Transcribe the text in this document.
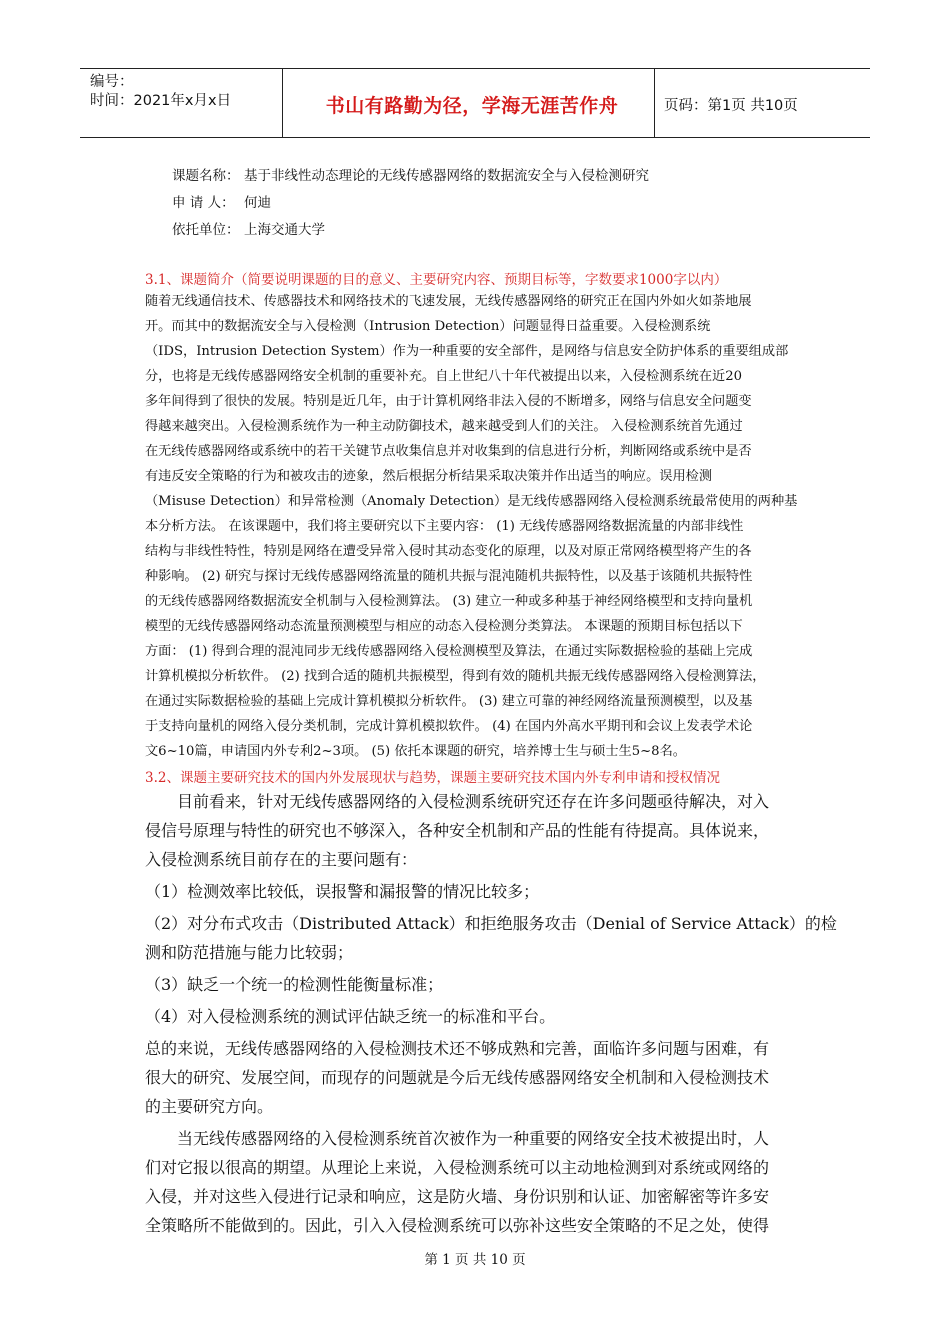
编号：
时间：2021年x月x日	书山有路勤为径，学海无涯苦作舟	页码：第1页 共10页
课题名称： 基于非线性动态理论的无线传感器网络的数据流安全与入侵检测研究
申 请 人： 何迪
依托单位： 上海交通大学
3.1、课题简介（简要说明课题的目的意义、主要研究内容、预期目标等，字数要求1000字以内）
随着无线通信技术、传感器技术和网络技术的飞速发展，无线传感器网络的研究正在国内外如火如荼地展
开。而其中的数据流安全与入侵检测（Intrusion Detection）问题显得日益重要。入侵检测系统
（IDS，Intrusion Detection System）作为一种重要的安全部件，是网络与信息安全防护体系的重要组成部
分，也将是无线传感器网络安全机制的重要补充。自上世纪八十年代被提出以来，入侵检测系统在近20
多年间得到了很快的发展。特别是近几年，由于计算机网络非法入侵的不断增多，网络与信息安全问题变
得越来越突出。入侵检测系统作为一种主动防御技术，越来越受到人们的关注。 入侵检测系统首先通过
在无线传感器网络或系统中的若干关键节点收集信息并对收集到的信息进行分析，判断网络或系统中是否
有违反安全策略的行为和被攻击的迹象，然后根据分析结果采取决策并作出适当的响应。误用检测
（Misuse Detection）和异常检测（Anomaly Detection）是无线传感器网络入侵检测系统最常使用的两种基
本分析方法。 在该课题中，我们将主要研究以下主要内容： (1) 无线传感器网络数据流量的内部非线性
结构与非线性特性，特别是网络在遭受异常入侵时其动态变化的原理，以及对原正常网络模型将产生的各
种影响。 (2) 研究与探讨无线传感器网络流量的随机共振与混沌随机共振特性，以及基于该随机共振特性
的无线传感器网络数据流安全机制与入侵检测算法。 (3) 建立一种或多种基于神经网络模型和支持向量机
模型的无线传感器网络动态流量预测模型与相应的动态入侵检测分类算法。 本课题的预期目标包括以下
方面： (1) 得到合理的混沌同步无线传感器网络入侵检测模型及算法，在通过实际数据检验的基础上完成
计算机模拟分析软件。 (2) 找到合适的随机共振模型，得到有效的随机共振无线传感器网络入侵检测算法，
在通过实际数据检验的基础上完成计算机模拟分析软件。 (3) 建立可靠的神经网络流量预测模型，以及基
于支持向量机的网络入侵分类机制，完成计算机模拟软件。 (4) 在国内外高水平期刊和会议上发表学术论
文6~10篇，申请国内外专利2~3项。 (5) 依托本课题的研究，培养博士生与硕士生5~8名。
3.2、课题主要研究技术的国内外发展现状与趋势，课题主要研究技术国内外专利申请和授权情况
　　目前看来，针对无线传感器网络的入侵检测系统研究还存在许多问题亟待解决，对入
侵信号原理与特性的研究也不够深入，各种安全机制和产品的性能有待提高。具体说来，
入侵检测系统目前存在的主要问题有：
（1）检测效率比较低，误报警和漏报警的情况比较多；
（2）对分布式攻击（Distributed Attack）和拒绝服务攻击（Denial of Service Attack）的检
测和防范措施与能力比较弱；
（3）缺乏一个统一的检测性能衡量标准；
（4）对入侵检测系统的测试评估缺乏统一的标准和平台。
总的来说，无线传感器网络的入侵检测技术还不够成熟和完善，面临许多问题与困难，有
很大的研究、发展空间，而现存的问题就是今后无线传感器网络安全机制和入侵检测技术
的主要研究方向。
　　当无线传感器网络的入侵检测系统首次被作为一种重要的网络安全技术被提出时，人
们对它报以很高的期望。从理论上来说，入侵检测系统可以主动地检测到对系统或网络的
入侵，并对这些入侵进行记录和响应，这是防火墙、身份识别和认证、加密解密等许多安
全策略所不能做到的。因此，引入入侵检测系统可以弥补这些安全策略的不足之处，使得
第 1 页 共 10 页
